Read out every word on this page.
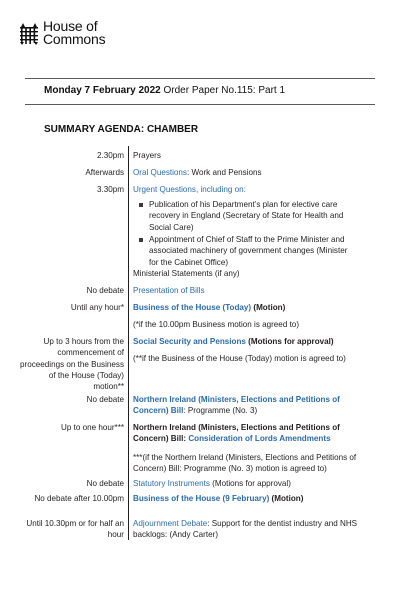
House of
Commons
Monday 7 February 2022 Order Paper No.115: Part 1
SUMMARY AGENDA: CHAMBER
2.30pm Prayers
Afterwards Oral Questions: Work and Pensions
3.30pm Urgent Questions, including on:
Publication of his Department’s plan for elective care recovery in England (Secretary of State for Health and Social Care)
Appointment of Chief of Staff to the Prime Minister and associated machinery of government changes (Minister for the Cabinet Office)
Ministerial Statements (if any)
No debate Presentation of Bills
Until any hour* Business of the House (Today) (Motion)
(*if the 10.00pm Business motion is agreed to)
Up to 3 hours from the commencement of proceedings on the Business of the House (Today) motion**
Social Security and Pensions (Motions for approval)
(**if the Business of the House (Today) motion is agreed to)
No debate Northern Ireland (Ministers, Elections and Petitions of Concern) Bill: Programme (No. 3)
Up to one hour*** Northern Ireland (Ministers, Elections and Petitions of Concern) Bill: Consideration of Lords Amendments
***(if the Northern Ireland (Ministers, Elections and Petitions of Concern) Bill: Programme (No. 3) motion is agreed to)
No debate Statutory Instruments (Motions for approval)
No debate after 10.00pm Business of the House (9 February) (Motion)
Until 10.30pm or for half an hour
Adjournment Debate: Support for the dentist industry and NHS backlogs: (Andy Carter)
